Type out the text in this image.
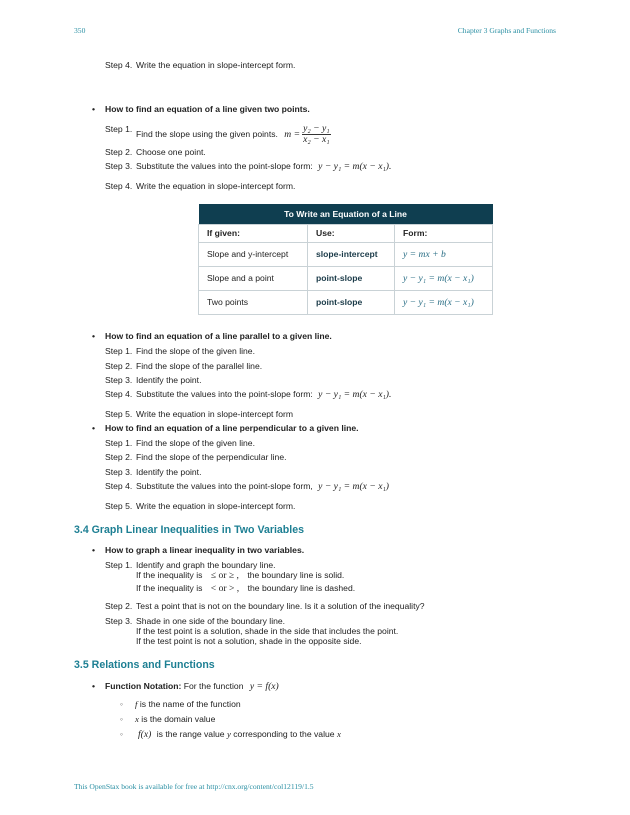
350	Chapter 3 Graphs and Functions
Step 4. Write the equation in slope-intercept form.
• How to find an equation of a line given two points.
Step 1. Find the slope using the given points. $m = \frac{\text{y₂ − y₁}}{\text{x₂ − x₁}}$
Step 2. Choose one point.
Step 3. Substitute the values into the point-slope form: y − y₁ = m(x − x₁).
Step 4. Write the equation in slope-intercept form.
To Write an Equation of a Line		
If given:	Use:	Form:
Slope and y-intercept	slope-intercept	y = mx + b
Slope and a point	point-slope	y − y₁ = m(x − x₁)
Two points	point-slope	y − y₁ = m(x − x₁)
• How to find an equation of a line parallel to a given line.
Step 1. Find the slope of the given line.
Step 2. Find the slope of the parallel line.
Step 3. Identify the point.
Step 4. Substitute the values into the point-slope form: y − y₁ = m(x − x₁).
Step 5. Write the equation in slope-intercept form
• How to find an equation of a line perpendicular to a given line.
Step 1. Find the slope of the given line.
Step 2. Find the slope of the perpendicular line.
Step 3. Identify the point.
Step 4. Substitute the values into the point-slope form, y − y₁ = m(x − x₁)
Step 5. Write the equation in slope-intercept form.
3.4 Graph Linear Inequalities in Two Variables
• How to graph a linear inequality in two variables.
Step 1. Identify and graph the boundary line.
If the inequality is ≤ or ≥ , the boundary line is solid.
If the inequality is < or > , the boundary line is dashed.
Step 2. Test a point that is not on the boundary line. Is it a solution of the inequality?
Step 3. Shade in one side of the boundary line.
If the test point is a solution, shade in the side that includes the point.
If the test point is not a solution, shade in the opposite side.
3.5 Relations and Functions
• Function Notation: For the function y = f(x)
◦ f is the name of the function
◦ x is the domain value
◦ f(x) is the range value y corresponding to the value x
This OpenStax book is available for free at http://cnx.org/content/col12119/1.5
